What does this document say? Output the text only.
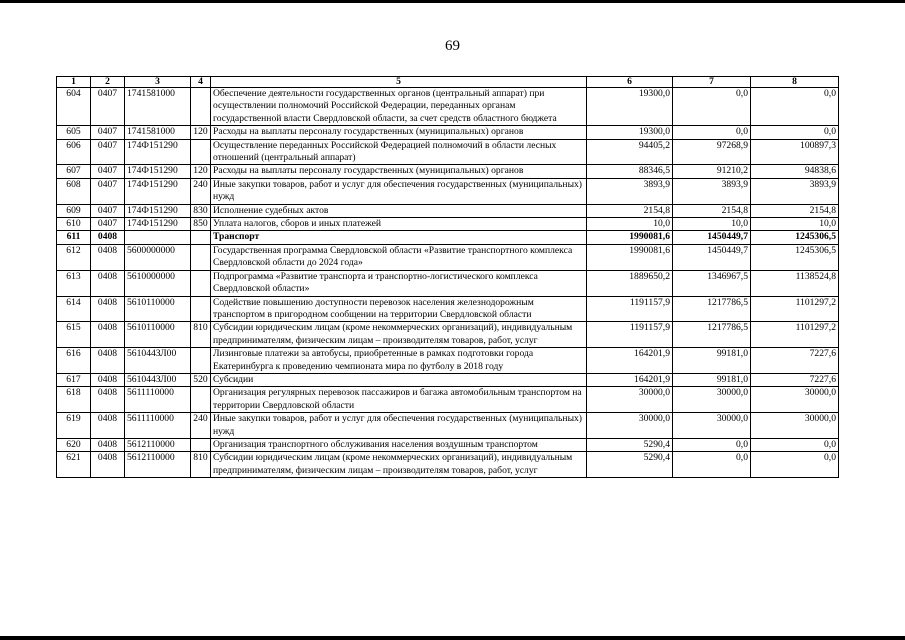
69
1	2	3	4	5	6	7	8
604	0407	1741581000		Обеспечение деятельности государственных органов (центральный аппарат) при осуществлении полномочий Российской Федерации, переданных органам государственной власти Свердловской области, за счет средств областного бюджета	19300,0	0,0	0,0
605	0407	1741581000	120	Расходы на выплаты персоналу государственных (муниципальных) органов	19300,0	0,0	0,0
606	0407	174Ф151290		Осуществление переданных Российской Федерацией полномочий в области лесных отношений (центральный аппарат)	94405,2	97268,9	100897,3
607	0407	174Ф151290	120	Расходы на выплаты персоналу государственных (муниципальных) органов	88346,5	91210,2	94838,6
608	0407	174Ф151290	240	Иные закупки товаров, работ и услуг для обеспечения государственных (муниципальных) нужд	3893,9	3893,9	3893,9
609	0407	174Ф151290	830	Исполнение судебных актов	2154,8	2154,8	2154,8
610	0407	174Ф151290	850	Уплата налогов, сборов и иных платежей	10,0	10,0	10,0
611	0408			Транспорт	1990081,6	1450449,7	1245306,5
612	0408	5600000000		Государственная программа Свердловской области «Развитие транспортного комплекса Свердловской области до 2024 года»	1990081,6	1450449,7	1245306,5
613	0408	5610000000		Подпрограмма «Развитие транспорта и транспортно-логистического комплекса Свердловской области»	1889650,2	1346967,5	1138524,8
614	0408	5610110000		Содействие повышению доступности перевозок населения железнодорожным транспортом в пригородном сообщении на территории Свердловской области	1191157,9	1217786,5	1101297,2
615	0408	5610110000	810	Субсидии юридическим лицам (кроме некоммерческих организаций), индивидуальным предпринимателям, физическим лицам – производителям товаров, работ, услуг	1191157,9	1217786,5	1101297,2
616	0408	561044ЗЛ00		Лизинговые платежи за автобусы, приобретенные в рамках подготовки города Екатеринбурга к проведению чемпионата мира по футболу в 2018 году	164201,9	99181,0	7227,6
617	0408	561044ЗЛ00	520	Субсидии	164201,9	99181,0	7227,6
618	0408	5611110000		Организация регулярных перевозок пассажиров и багажа автомобильным транспортом на территории Свердловской области	30000,0	30000,0	30000,0
619	0408	5611110000	240	Иные закупки товаров, работ и услуг для обеспечения государственных (муниципальных) нужд	30000,0	30000,0	30000,0
620	0408	5612110000		Организация транспортного обслуживания населения воздушным транспортом	5290,4	0,0	0,0
621	0408	5612110000	810	Субсидии юридическим лицам (кроме некоммерческих организаций), индивидуальным предпринимателям, физическим лицам – производителям товаров, работ, услуг	5290,4	0,0	0,0
